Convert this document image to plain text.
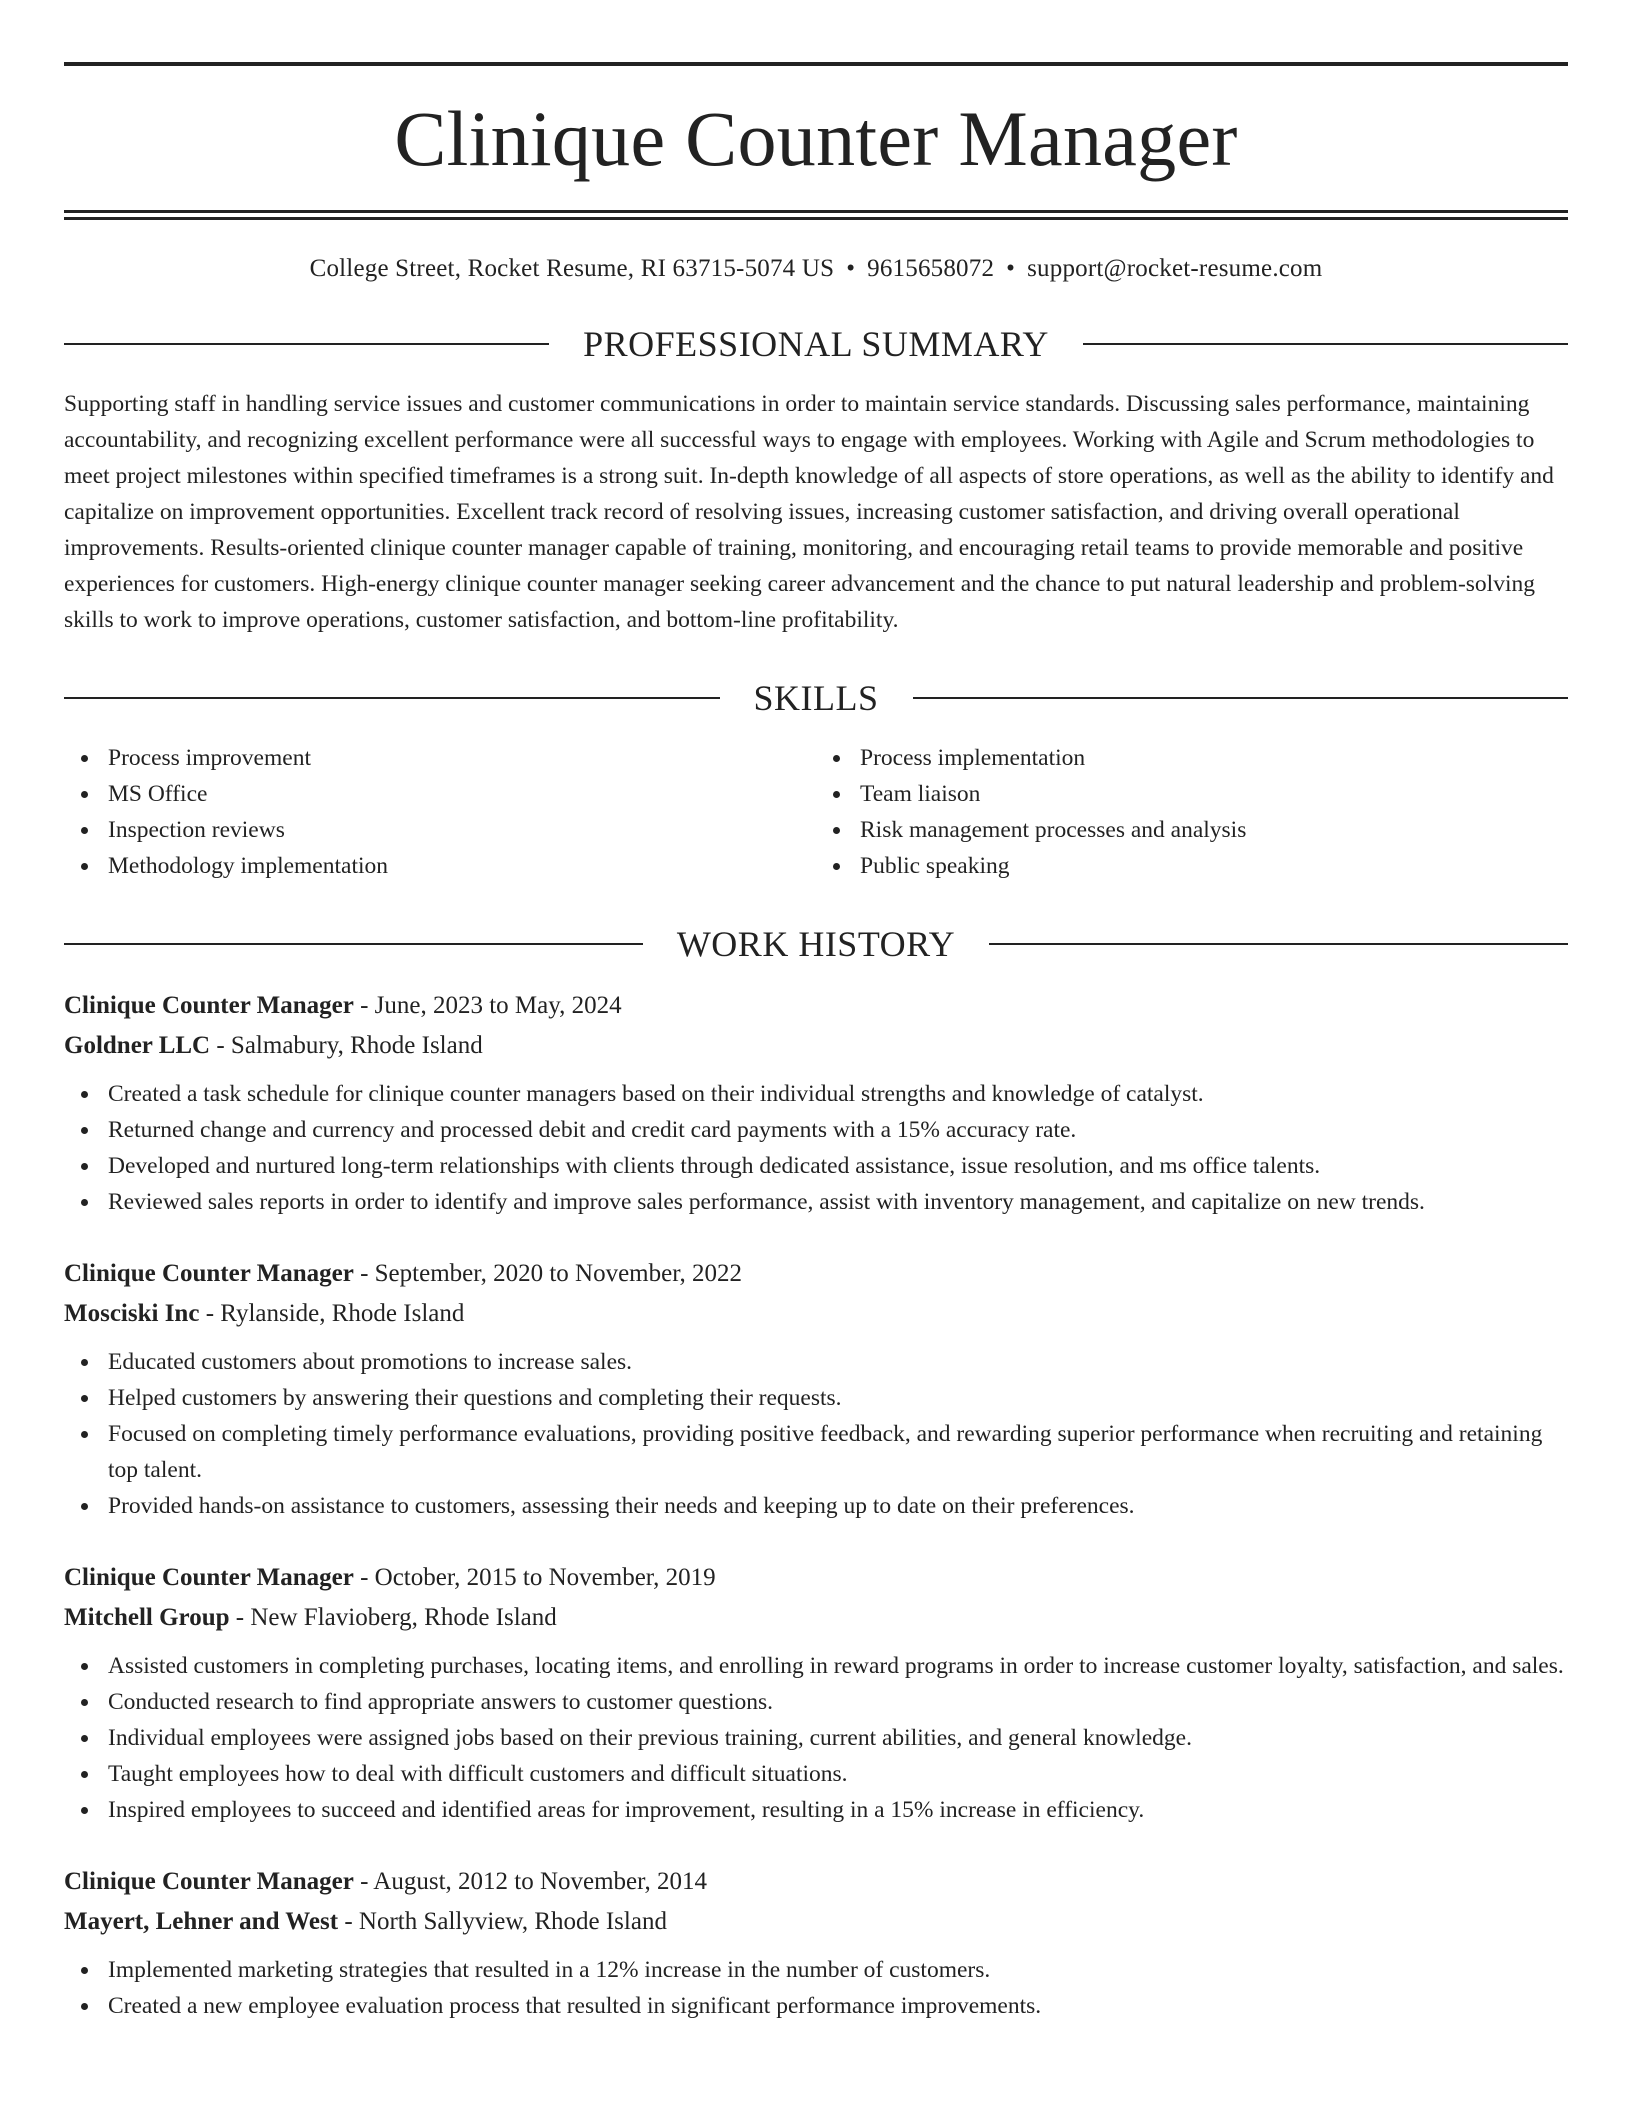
Clinique Counter Manager
College Street, Rocket Resume, RI 63715-5074 US • 9615658072 • support@rocket-resume.com
PROFESSIONAL SUMMARY
Supporting staff in handling service issues and customer communications in order to maintain service standards. Discussing sales performance, maintaining accountability, and recognizing excellent performance were all successful ways to engage with employees. Working with Agile and Scrum methodologies to meet project milestones within specified timeframes is a strong suit. In-depth knowledge of all aspects of store operations, as well as the ability to identify and capitalize on improvement opportunities. Excellent track record of resolving issues, increasing customer satisfaction, and driving overall operational improvements. Results-oriented clinique counter manager capable of training, monitoring, and encouraging retail teams to provide memorable and positive experiences for customers. High-energy clinique counter manager seeking career advancement and the chance to put natural leadership and problem-solving skills to work to improve operations, customer satisfaction, and bottom-line profitability.
SKILLS
Process improvement
MS Office
Inspection reviews
Methodology implementation
Process implementation
Team liaison
Risk management processes and analysis
Public speaking
WORK HISTORY
Clinique Counter Manager - June, 2023 to May, 2024
Goldner LLC - Salmabury, Rhode Island
Created a task schedule for clinique counter managers based on their individual strengths and knowledge of catalyst.
Returned change and currency and processed debit and credit card payments with a 15% accuracy rate.
Developed and nurtured long-term relationships with clients through dedicated assistance, issue resolution, and ms office talents.
Reviewed sales reports in order to identify and improve sales performance, assist with inventory management, and capitalize on new trends.
Clinique Counter Manager - September, 2020 to November, 2022
Mosciski Inc - Rylanside, Rhode Island
Educated customers about promotions to increase sales.
Helped customers by answering their questions and completing their requests.
Focused on completing timely performance evaluations, providing positive feedback, and rewarding superior performance when recruiting and retaining top talent.
Provided hands-on assistance to customers, assessing their needs and keeping up to date on their preferences.
Clinique Counter Manager - October, 2015 to November, 2019
Mitchell Group - New Flavioberg, Rhode Island
Assisted customers in completing purchases, locating items, and enrolling in reward programs in order to increase customer loyalty, satisfaction, and sales.
Conducted research to find appropriate answers to customer questions.
Individual employees were assigned jobs based on their previous training, current abilities, and general knowledge.
Taught employees how to deal with difficult customers and difficult situations.
Inspired employees to succeed and identified areas for improvement, resulting in a 15% increase in efficiency.
Clinique Counter Manager - August, 2012 to November, 2014
Mayert, Lehner and West - North Sallyview, Rhode Island
Implemented marketing strategies that resulted in a 12% increase in the number of customers.
Created a new employee evaluation process that resulted in significant performance improvements.
